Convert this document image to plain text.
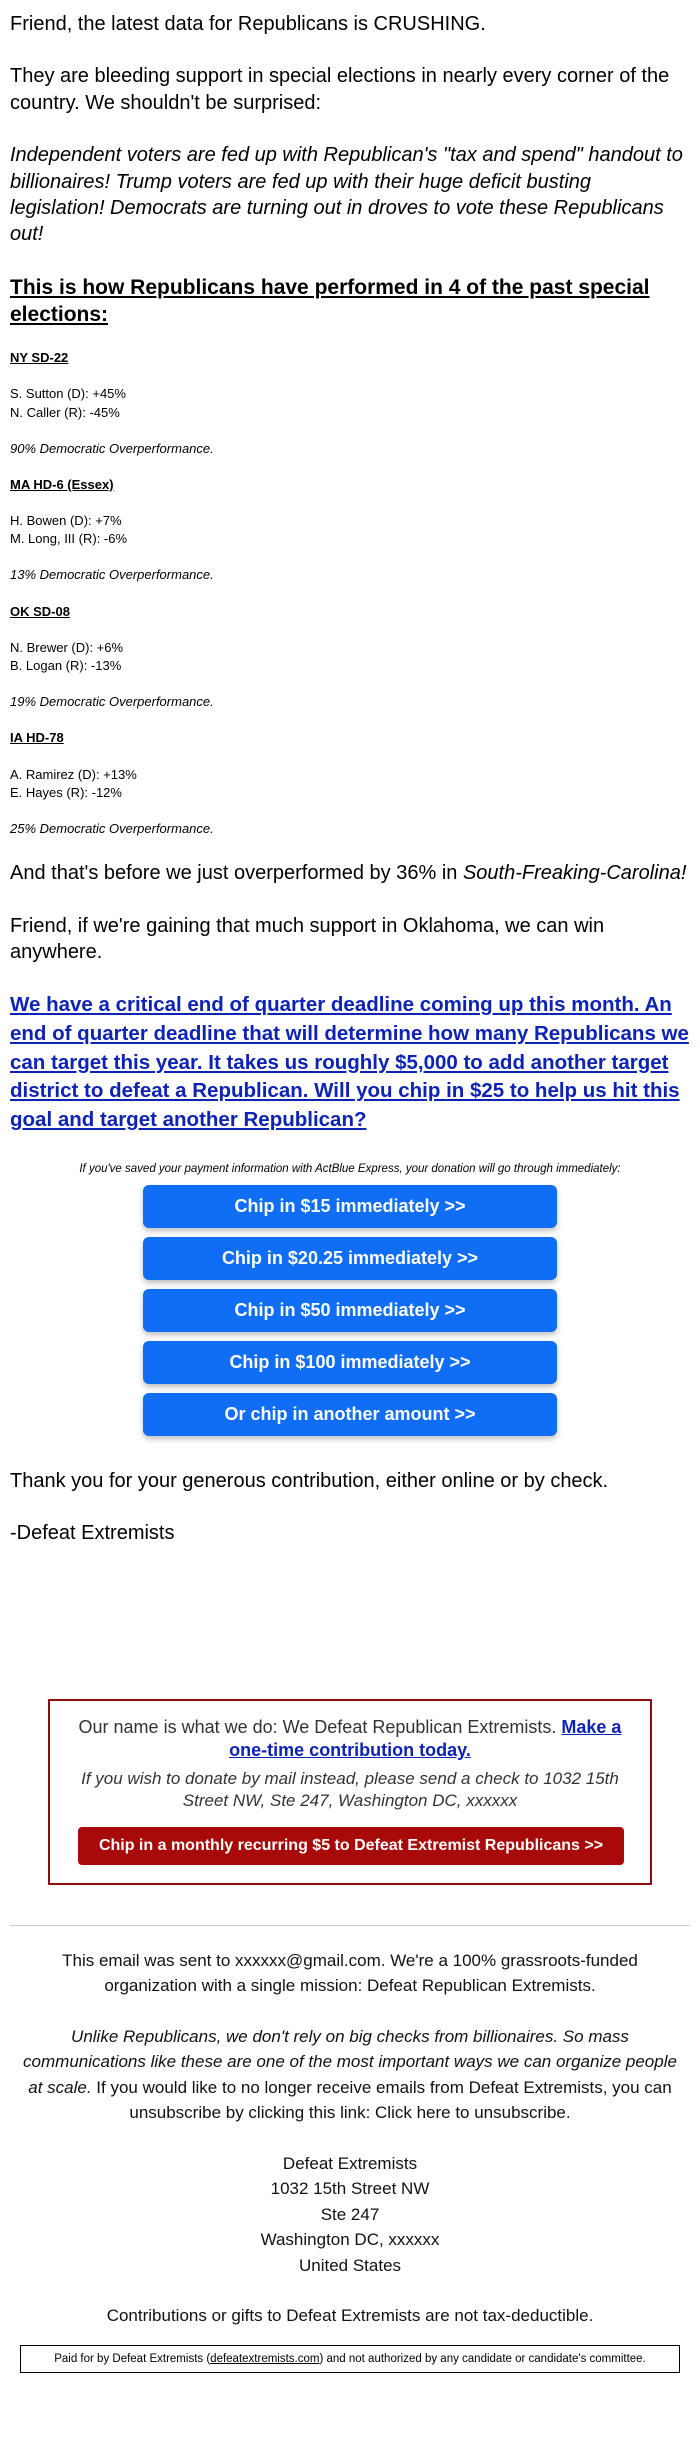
Friend, the latest data for Republicans is CRUSHING.

They are bleeding support in special elections in nearly every corner of the country. We shouldn't be surprised:

Independent voters are fed up with Republican's "tax and spend" handout to billionaires! Trump voters are fed up with their huge deficit busting legislation! Democrats are turning out in droves to vote these Republicans out!

This is how Republicans have performed in 4 of the past special elections:
NY SD-22
S. Sutton (D): +45%
N. Caller (R): -45%
90% Democratic Overperformance.
MA HD-6 (Essex)
H. Bowen (D): +7%
M. Long, III (R): -6%
13% Democratic Overperformance.
OK SD-08
N. Brewer (D): +6%
B. Logan (R): -13%
19% Democratic Overperformance.
IA HD-78
A. Ramirez (D): +13%
E. Hayes (R): -12%
25% Democratic Overperformance.

And that's before we just overperformed by 36% in South-Freaking-Carolina!

Friend, if we're gaining that much support in Oklahoma, we can win anywhere.

We have a critical end of quarter deadline coming up this month. An end of quarter deadline that will determine how many Republicans we can target this year. It takes us roughly $5,000 to add another target district to defeat a Republican. Will you chip in $25 to help us hit this goal and target another Republican?

If you've saved your payment information with ActBlue Express, your donation will go through immediately:

Chip in $15 immediately >>
Chip in $20.25 immediately >>
Chip in $50 immediately >>
Chip in $100 immediately >>
Or chip in another amount >>

Thank you for your generous contribution, either online or by check.

-Defeat Extremists

Our name is what we do: We Defeat Republican Extremists. Make a one-time contribution today.
If you wish to donate by mail instead, please send a check to 1032 15th Street NW, Ste 247, Washington DC, xxxxxx
Chip in a monthly recurring $5 to Defeat Extremist Republicans >>

This email was sent to xxxxxx@gmail.com. We're a 100% grassroots-funded organization with a single mission: Defeat Republican Extremists.

Unlike Republicans, we don't rely on big checks from billionaires. So mass communications like these are one of the most important ways we can organize people at scale. If you would like to no longer receive emails from Defeat Extremists, you can unsubscribe by clicking this link: Click here to unsubscribe.

Defeat Extremists
1032 15th Street NW
Ste 247
Washington DC, xxxxxx
United States

Contributions or gifts to Defeat Extremists are not tax-deductible.

Paid for by Defeat Extremists (defeatextremists.com) and not authorized by any candidate or candidate's committee.
